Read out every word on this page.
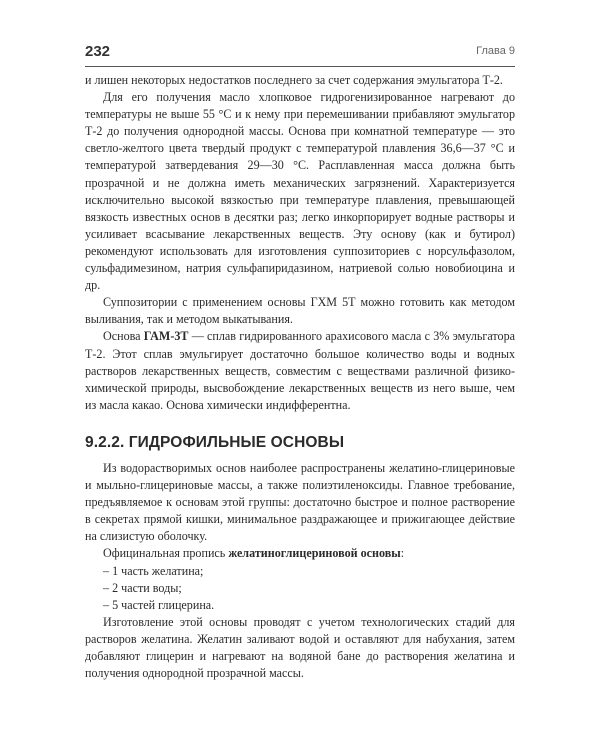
232	Глава 9

и лишен некоторых недостатков последнего за счет содержания эмульгатора Т-2.

Для его получения масло хлопковое гидрогенизированное нагревают до температуры не выше 55 °С и к нему при перемешивании прибавляют эмульгатор Т-2 до получения однородной массы. Основа при комнатной температуре — это светло-желтого цвета твердый продукт с температурой плавления 36,6—37 °С и температурой затвердевания 29—30 °С. Расплавленная масса должна быть прозрачной и не должна иметь механических загрязнений. Характеризуется исключительно высокой вязкостью при температуре плавления, превышающей вязкость известных основ в десятки раз; легко инкорпорирует водные растворы и усиливает всасывание лекарственных веществ. Эту основу (как и бутирол) рекомендуют использовать для изготовления суппозиториев с норсульфазолом, сульфадимезином, натрия сульфапиридазином, натриевой солью новобиоцина и др.

Суппозитории с применением основы ГХМ 5Т можно готовить как методом выливания, так и методом выкатывания.

Основа ГАМ-3Т — сплав гидрированного арахисового масла с 3% эмульгатора Т-2. Этот сплав эмульгирует достаточно большое количество воды и водных растворов лекарственных веществ, совместим с веществами различной физико-химической природы, высвобождение лекарственных веществ из него выше, чем из масла какао. Основа химически индифферентна.

9.2.2. ГИДРОФИЛЬНЫЕ ОСНОВЫ

Из водорастворимых основ наиболее распространены желатино-глицериновые и мыльно-глицериновые массы, а также полиэтиленоксиды. Главное требование, предъявляемое к основам этой группы: достаточно быстрое и полное растворение в секретах прямой кишки, минимальное раздражающее и прижигающее действие на слизистую оболочку.

Официнальная пропись желатиноглицериновой основы:

– 1 часть желатина;

– 2 части воды;

– 5 частей глицерина.

Изготовление этой основы проводят с учетом технологических стадий для растворов желатина. Желатин заливают водой и оставляют для набухания, затем добавляют глицерин и нагревают на водяной бане до растворения желатина и получения однородной прозрачной массы.
